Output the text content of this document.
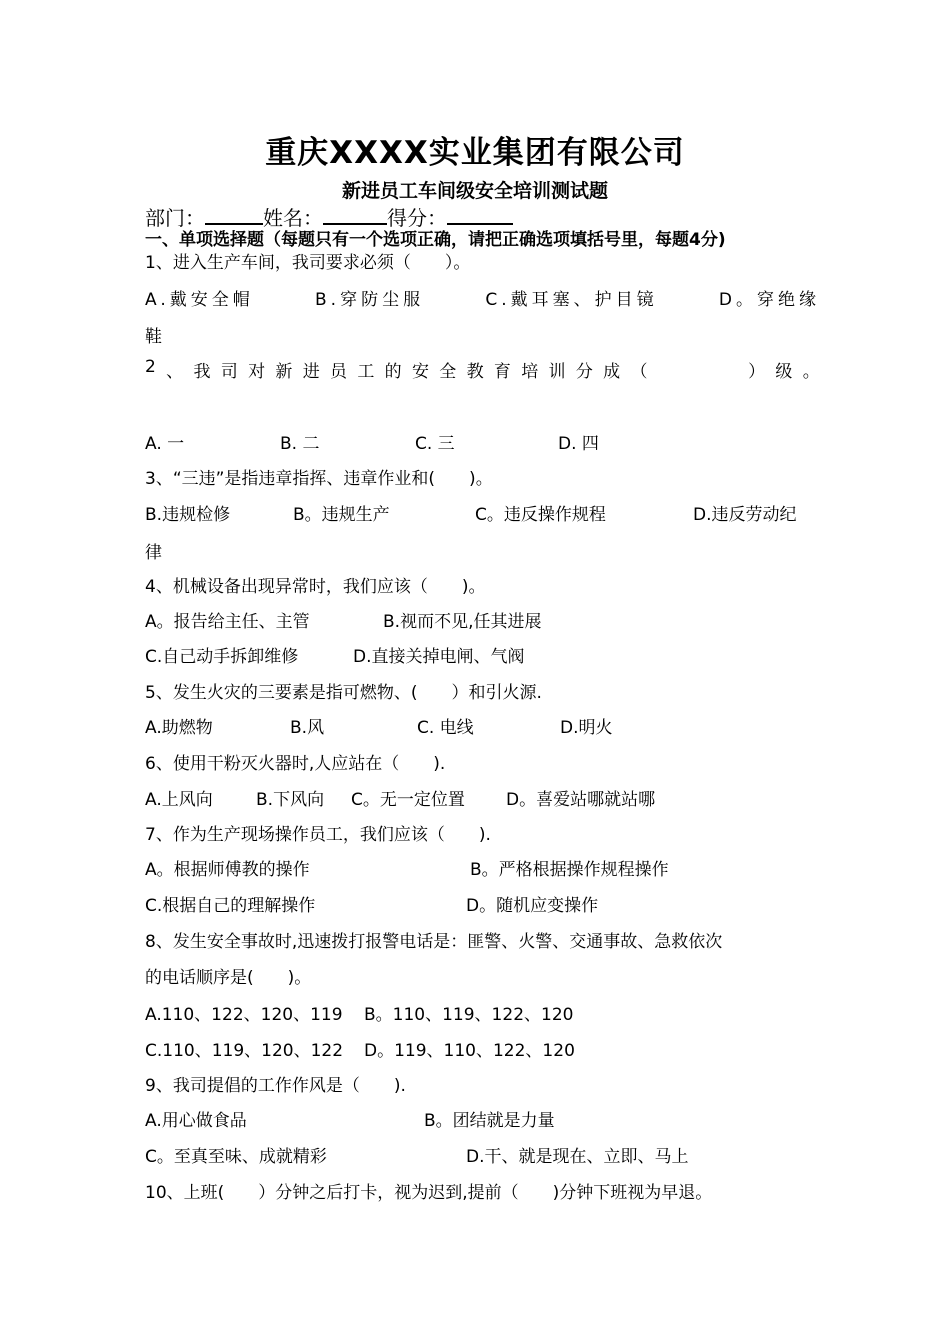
重庆XXXX实业集团有限公司
新进员工车间级安全培训测试题
部门：	姓名：	得分：
一、单项选择题（每题只有一个选项正确，请把正确选项填括号里，每题4分)
1、进入生产车间，我司要求必须（　　）。
A.戴安全帽	B.穿防尘服	C.戴耳塞、护目镜	D。穿绝缘
鞋
2 、 我 司 对 新 进 员 工 的 安 全 教 育 培 训 分 成 （	） 级 。
A. 一	B. 二	C. 三	D. 四
3、“三违”是指违章指挥、违章作业和(　　)。
B.违规检修	B。违规生产	C。违反操作规程	D.违反劳动纪
律
4、机械设备出现异常时，我们应该（　　)。
A。报告给主任、主管	B.视而不见,任其进展
C.自己动手拆卸维修	D.直接关掉电闸、气阀
5、发生火灾的三要素是指可燃物、(　　）和引火源.
A.助燃物	B.风	C. 电线	D.明火
6、使用干粉灭火器时,人应站在（　　).
A.上风向	B.下风向 C。无一定位置 D。喜爱站哪就站哪
7、作为生产现场操作员工，我们应该（　　).
A。根据师傅教的操作	B。严格根据操作规程操作
C.根据自己的理解操作	D。随机应变操作
8、发生安全事故时,迅速拨打报警电话是：匪警、火警、交通事故、急救依次
的电话顺序是(　　)。
A.110、122、120、119 B。110、119、122、120
C.110、119、120、122 D。119、110、122、120
9、我司提倡的工作作风是（　　).
A.用心做食品	B。团结就是力量
C。至真至味、成就精彩	D.干、就是现在、立即、马上
10、上班(　　）分钟之后打卡，视为迟到,提前（　　)分钟下班视为早退。
